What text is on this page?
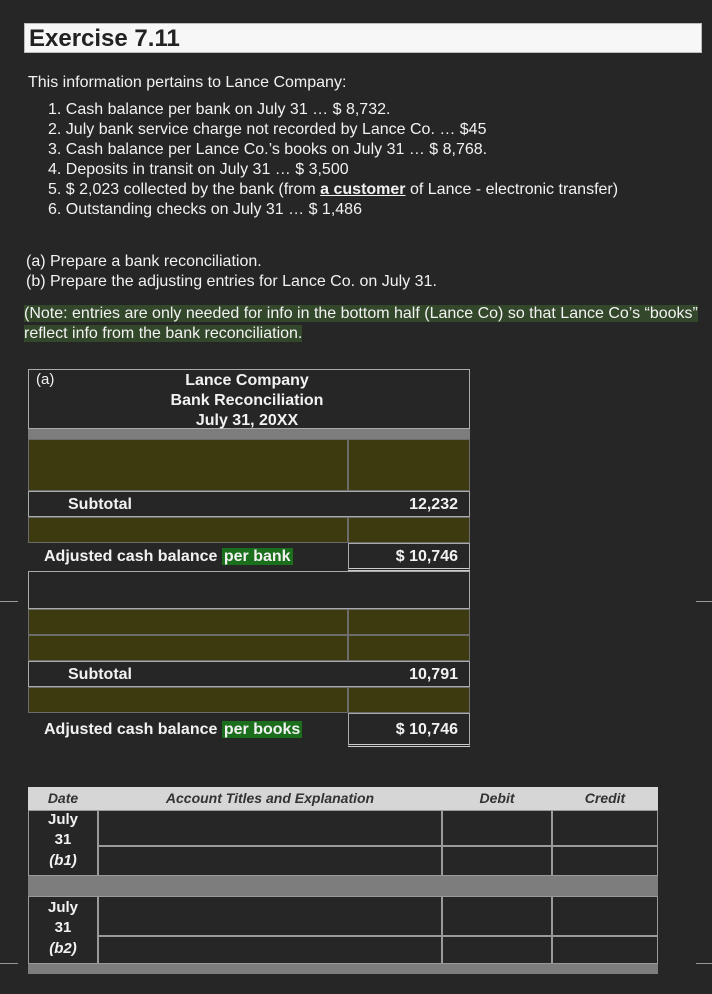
Exercise 7.11
This information pertains to Lance Company:
1. Cash balance per bank on July 31 … $ 8,732.
2. July bank service charge not recorded by Lance Co. … $45
3. Cash balance per Lance Co.’s books on July 31 … $ 8,768.
4. Deposits in transit on July 31 … $ 3,500
5. $ 2,023 collected by the bank (from a customer of Lance - electronic transfer)
6. Outstanding checks on July 31 … $ 1,486
(a) Prepare a bank reconciliation.
(b) Prepare the adjusting entries for Lance Co. on July 31.
(Note: entries are only needed for info in the bottom half (Lance Co) so that Lance Co’s “books” reflect info from the bank reconciliation.
(a)	Lance Company
Bank Reconciliation
July 31, 20XX
Subtotal	12,232
Adjusted cash balance per bank	$ 10,746
Subtotal	10,791
Adjusted cash balance per books	$ 10,746
Date	Account Titles and Explanation	Debit	Credit
July
31
(b1)
July
31
(b2)
